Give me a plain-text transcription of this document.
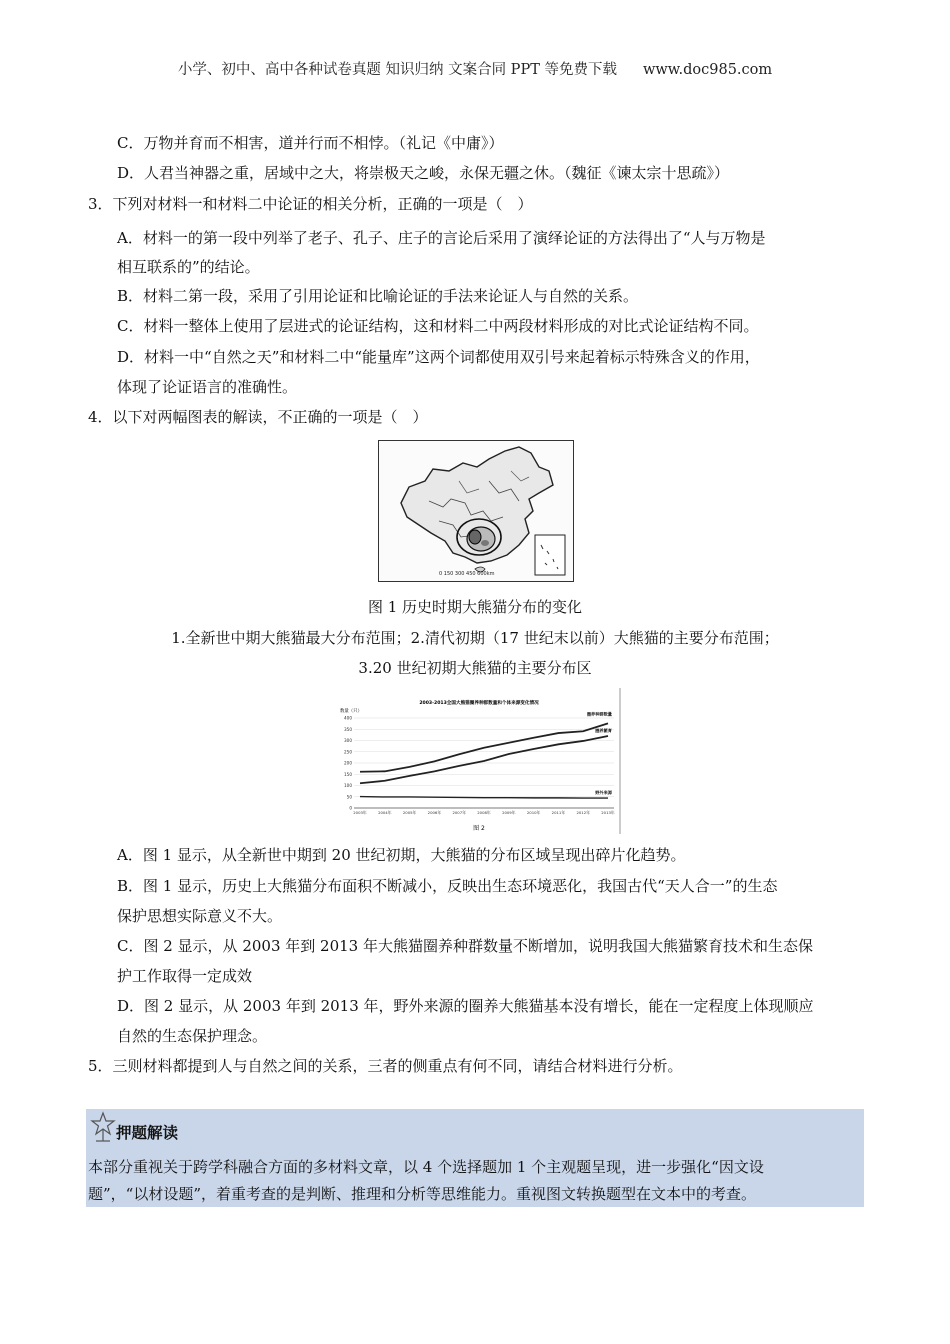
小学、初中、高中各种试卷真题 知识归纳 文案合同 PPT 等免费下载 www.doc985.com
C．万物并育而不相害，道并行而不相悖。（礼记《中庸》）
D．人君当神器之重，居域中之大，将崇极天之峻，永保无疆之休。（魏征《谏太宗十思疏》）
3．下列对材料一和材料二中论证的相关分析，正确的一项是（　）
A．材料一的第一段中列举了老子、孔子、庄子的言论后采用了演绎论证的方法得出了“人与万物是
相互联系的”的结论。
B．材料二第一段，采用了引用论证和比喻论证的手法来论证人与自然的关系。
C．材料一整体上使用了层进式的论证结构，这和材料二中两段材料形成的对比式论证结构不同。
D．材料一中“自然之天”和材料二中“能量库”这两个词都使用双引号来起着标示特殊含义的作用，
体现了论证语言的准确性。
4．以下对两幅图表的解读，不正确的一项是（　）
0 150 300 450 600km
图 1 历史时期大熊猫分布的变化
1.全新世中期大熊猫最大分布范围；2.清代初期（17 世纪末以前）大熊猫的主要分布范围；
3.20 世纪初期大熊猫的主要分布区
2003-2013全国大熊猫圈养种群数量和个体来源变化情况
数量（只）
图 2
0
50
100
150
200
250
300
350
400
2003年	2004年	2005年	2006年	2007年	2008年	2009年	2010年	2011年	2012年	2013年
圈养种群数量
圈养繁育
野外来源
A．图 1 显示，从全新世中期到 20 世纪初期，大熊猫的分布区域呈现出碎片化趋势。
B．图 1 显示，历史上大熊猫分布面积不断减小，反映出生态环境恶化，我国古代“天人合一”的生态
保护思想实际意义不大。
C．图 2 显示，从 2003 年到 2013 年大熊猫圈养种群数量不断增加，说明我国大熊猫繁育技术和生态保
护工作取得一定成效
D．图 2 显示，从 2003 年到 2013 年，野外来源的圈养大熊猫基本没有增长，能在一定程度上体现顺应
自然的生态保护理念。
5．三则材料都提到人与自然之间的关系，三者的侧重点有何不同，请结合材料进行分析。
押题解读
本部分重视关于跨学科融合方面的多材料文章，以 4 个选择题加 1 个主观题呈现，进一步强化“因文设
题”，“以材设题”，着重考查的是判断、推理和分析等思维能力。重视图文转换题型在文本中的考查。
